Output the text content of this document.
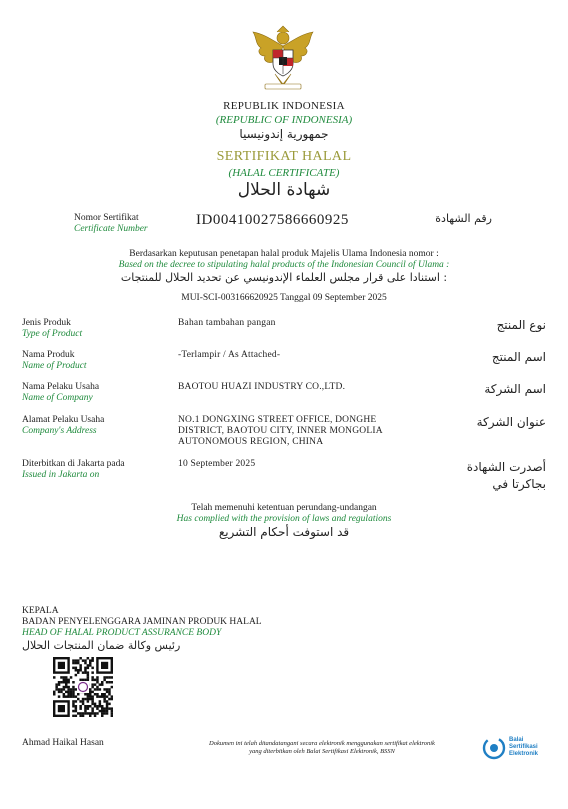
REPUBLIK INDONESIA
(REPUBLIC OF INDONESIA)
جمهورية إندونيسيا
SERTIFIKAT HALAL
(HALAL CERTIFICATE)
شهادة الحلال
Nomor Sertifikat
Certificate Number
ID00410027586660925	رقم الشهادة
Berdasarkan keputusan penetapan halal produk Majelis Ulama Indonesia nomor :
Based on the decree to stipulating halal products of the Indonesian Council of Ulama :
استنادا على قرار مجلس العلماء الإندونيسي عن تحديد الحلال للمنتجات :
MUI-SCI-003166620925 Tanggal 09 September 2025
Jenis Produk
Type of Product
Bahan tambahan pangan	نوع المنتج
Nama Produk
Name of Product
-Terlampir / As Attached-	اسم المنتج
Nama Pelaku Usaha
Name of Company
BAOTOU HUAZI INDUSTRY CO.,LTD.	اسم الشركة
Alamat Pelaku Usaha
Company's Address
NO.1 DONGXING STREET OFFICE, DONGHE DISTRICT, BAOTOU CITY, INNER MONGOLIA AUTONOMOUS REGION, CHINA
عنوان الشركة
Diterbitkan di Jakarta pada
Issued in Jakarta on
10 September 2025	أصدرت الشهادة بجاكرتا في
Telah memenuhi ketentuan perundang-undangan
Has complied with the provision of laws and regulations
قد استوفت أحكام التشريع
KEPALA
BADAN PENYELENGGARA JAMINAN PRODUK HALAL
HEAD OF HALAL PRODUCT ASSURANCE BODY
رئيس وكالة ضمان المنتجات الحلال
Ahmad Haikal Hasan	Dokumen ini telah ditandatangani secara elektronik menggunakan sertifikat elektronik
yang diterbitkan oleh Balai Sertifikasi Elektronik, BSSN
Balai
Sertifikasi
Elektronik
